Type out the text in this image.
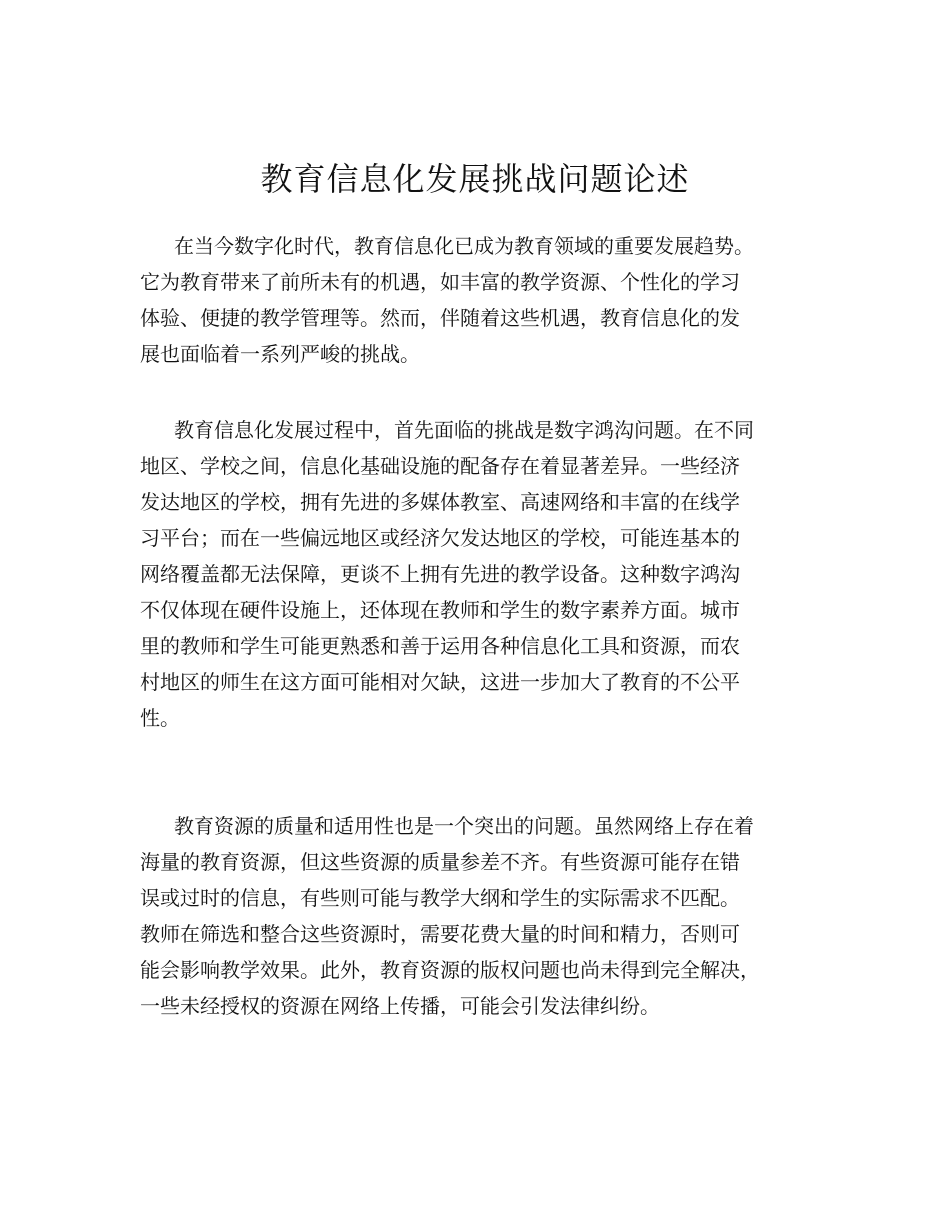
教育信息化发展挑战问题论述
在当今数字化时代，教育信息化已成为教育领域的重要发展趋势。
它为教育带来了前所未有的机遇，如丰富的教学资源、个性化的学习
体验、便捷的教学管理等。然而，伴随着这些机遇，教育信息化的发
展也面临着一系列严峻的挑战。
教育信息化发展过程中，首先面临的挑战是数字鸿沟问题。在不同
地区、学校之间，信息化基础设施的配备存在着显著差异。一些经济
发达地区的学校，拥有先进的多媒体教室、高速网络和丰富的在线学
习平台；而在一些偏远地区或经济欠发达地区的学校，可能连基本的
网络覆盖都无法保障，更谈不上拥有先进的教学设备。这种数字鸿沟
不仅体现在硬件设施上，还体现在教师和学生的数字素养方面。城市
里的教师和学生可能更熟悉和善于运用各种信息化工具和资源，而农
村地区的师生在这方面可能相对欠缺，这进一步加大了教育的不公平
性。
教育资源的质量和适用性也是一个突出的问题。虽然网络上存在着
海量的教育资源，但这些资源的质量参差不齐。有些资源可能存在错
误或过时的信息，有些则可能与教学大纲和学生的实际需求不匹配。
教师在筛选和整合这些资源时，需要花费大量的时间和精力，否则可
能会影响教学效果。此外，教育资源的版权问题也尚未得到完全解决，
一些未经授权的资源在网络上传播，可能会引发法律纠纷。
